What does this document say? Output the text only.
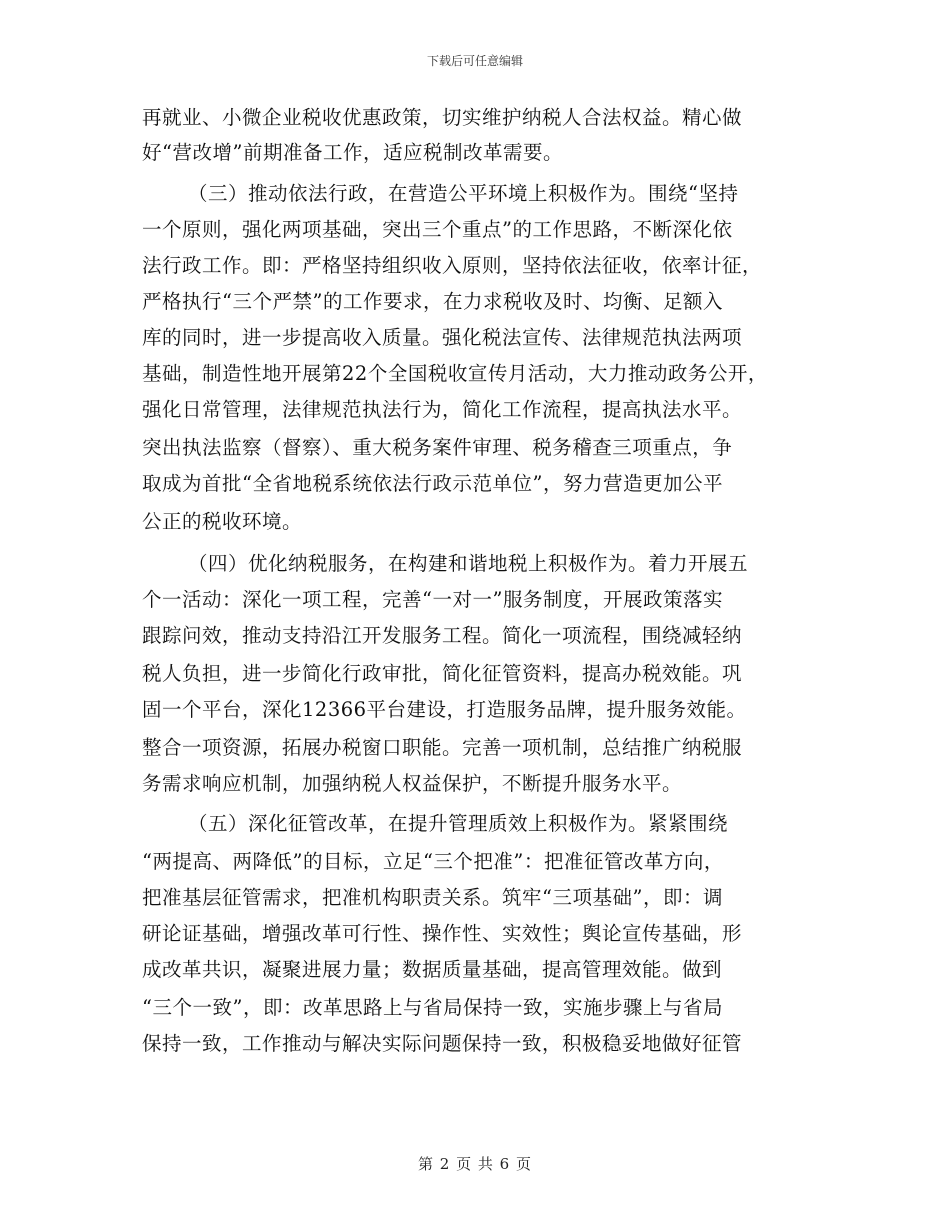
下载后可任意编辑
再就业、小微企业税收优惠政策，切实维护纳税人合法权益。精心做
好“营改增”前期准备工作，适应税制改革需要。
（三）推动依法行政，在营造公平环境上积极作为。围绕“坚持
一个原则，强化两项基础，突出三个重点”的工作思路，不断深化依
法行政工作。即：严格坚持组织收入原则，坚持依法征收，依率计征，
严格执行“三个严禁”的工作要求，在力求税收及时、均衡、足额入
库的同时，进一步提高收入质量。强化税法宣传、法律规范执法两项
基础，制造性地开展第22个全国税收宣传月活动，大力推动政务公开，
强化日常管理，法律规范执法行为，简化工作流程，提高执法水平。
突出执法监察（督察）、重大税务案件审理、税务稽查三项重点，争
取成为首批“全省地税系统依法行政示范单位”，努力营造更加公平
公正的税收环境。
（四）优化纳税服务，在构建和谐地税上积极作为。着力开展五
个一活动：深化一项工程，完善“一对一”服务制度，开展政策落实
跟踪问效，推动支持沿江开发服务工程。简化一项流程，围绕减轻纳
税人负担，进一步简化行政审批，简化征管资料，提高办税效能。巩
固一个平台，深化12366平台建设，打造服务品牌，提升服务效能。
整合一项资源，拓展办税窗口职能。完善一项机制，总结推广纳税服
务需求响应机制，加强纳税人权益保护，不断提升服务水平。
（五）深化征管改革，在提升管理质效上积极作为。紧紧围绕
“两提高、两降低”的目标，立足“三个把准”：把准征管改革方向，
把准基层征管需求，把准机构职责关系。筑牢“三项基础”，即：调
研论证基础，增强改革可行性、操作性、实效性；舆论宣传基础，形
成改革共识，凝聚进展力量；数据质量基础，提高管理效能。做到
“三个一致”，即：改革思路上与省局保持一致，实施步骤上与省局
保持一致，工作推动与解决实际问题保持一致，积极稳妥地做好征管
第 2 页 共 6 页
